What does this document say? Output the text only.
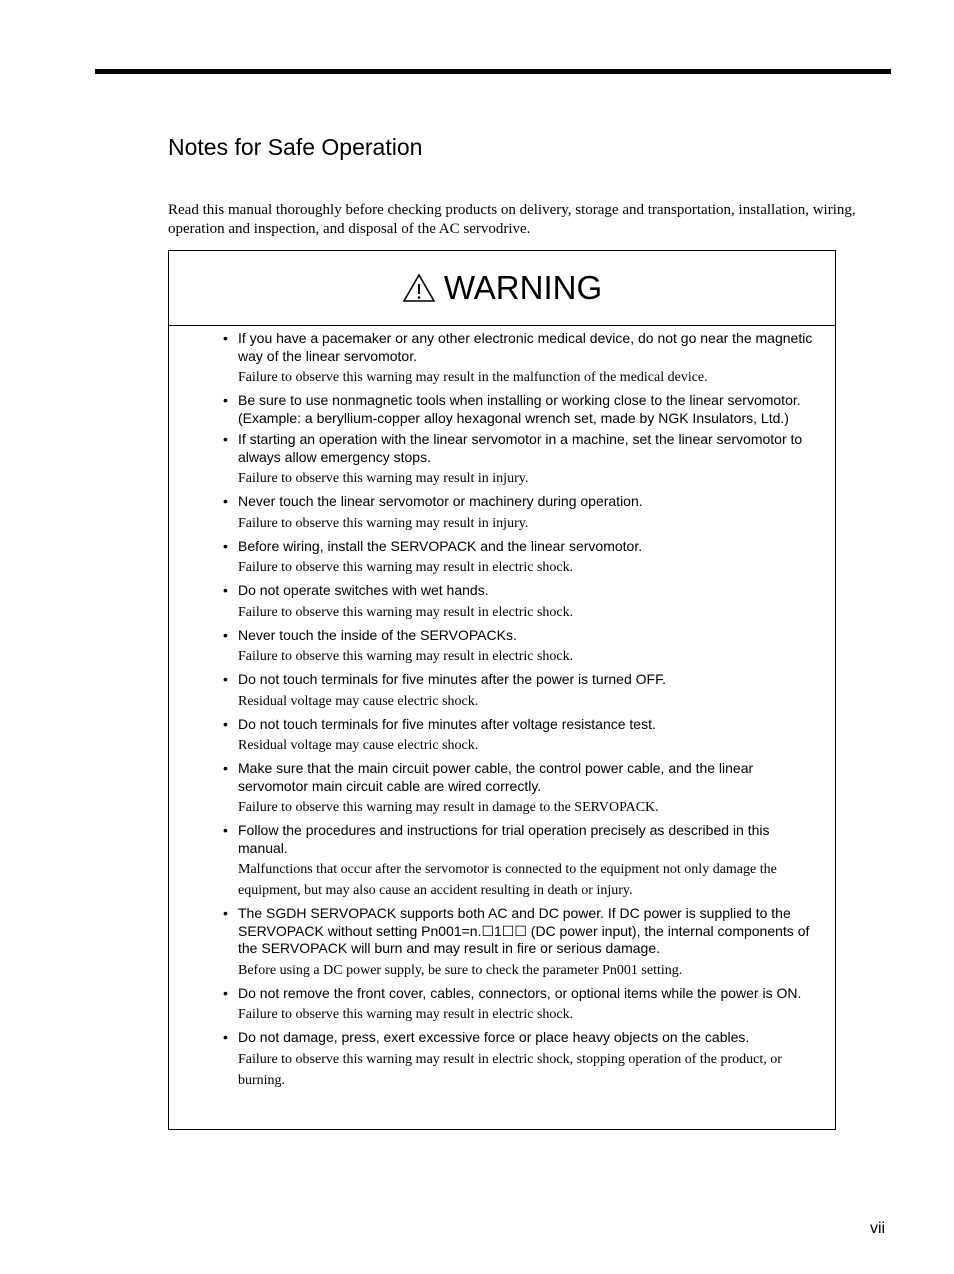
Notes for Safe Operation

Read this manual thoroughly before checking products on delivery, storage and transportation, installation, wiring, operation and inspection, and disposal of the AC servodrive.

WARNING
• If you have a pacemaker or any other electronic medical device, do not go near the magnetic way of the linear servomotor.
Failure to observe this warning may result in the malfunction of the medical device.
• Be sure to use nonmagnetic tools when installing or working close to the linear servomotor. (Example: a beryllium-copper alloy hexagonal wrench set, made by NGK Insulators, Ltd.)
• If starting an operation with the linear servomotor in a machine, set the linear servomotor to always allow emergency stops.
Failure to observe this warning may result in injury.
• Never touch the linear servomotor or machinery during operation.
Failure to observe this warning may result in injury.
• Before wiring, install the SERVOPACK and the linear servomotor.
Failure to observe this warning may result in electric shock.
• Do not operate switches with wet hands.
Failure to observe this warning may result in electric shock.
• Never touch the inside of the SERVOPACKs.
Failure to observe this warning may result in electric shock.
• Do not touch terminals for five minutes after the power is turned OFF.
Residual voltage may cause electric shock.
• Do not touch terminals for five minutes after voltage resistance test.
Residual voltage may cause electric shock.
• Make sure that the main circuit power cable, the control power cable, and the linear servomotor main circuit cable are wired correctly.
Failure to observe this warning may result in damage to the SERVOPACK.
• Follow the procedures and instructions for trial operation precisely as described in this manual.
Malfunctions that occur after the servomotor is connected to the equipment not only damage the equipment, but may also cause an accident resulting in death or injury.
• The SGDH SERVOPACK supports both AC and DC power. If DC power is supplied to the SERVOPACK without setting Pn001=n.☐1☐☐ (DC power input), the internal components of the SERVOPACK will burn and may result in fire or serious damage.
Before using a DC power supply, be sure to check the parameter Pn001 setting.
• Do not remove the front cover, cables, connectors, or optional items while the power is ON.
Failure to observe this warning may result in electric shock.
• Do not damage, press, exert excessive force or place heavy objects on the cables.
Failure to observe this warning may result in electric shock, stopping operation of the product, or burning.
vii
